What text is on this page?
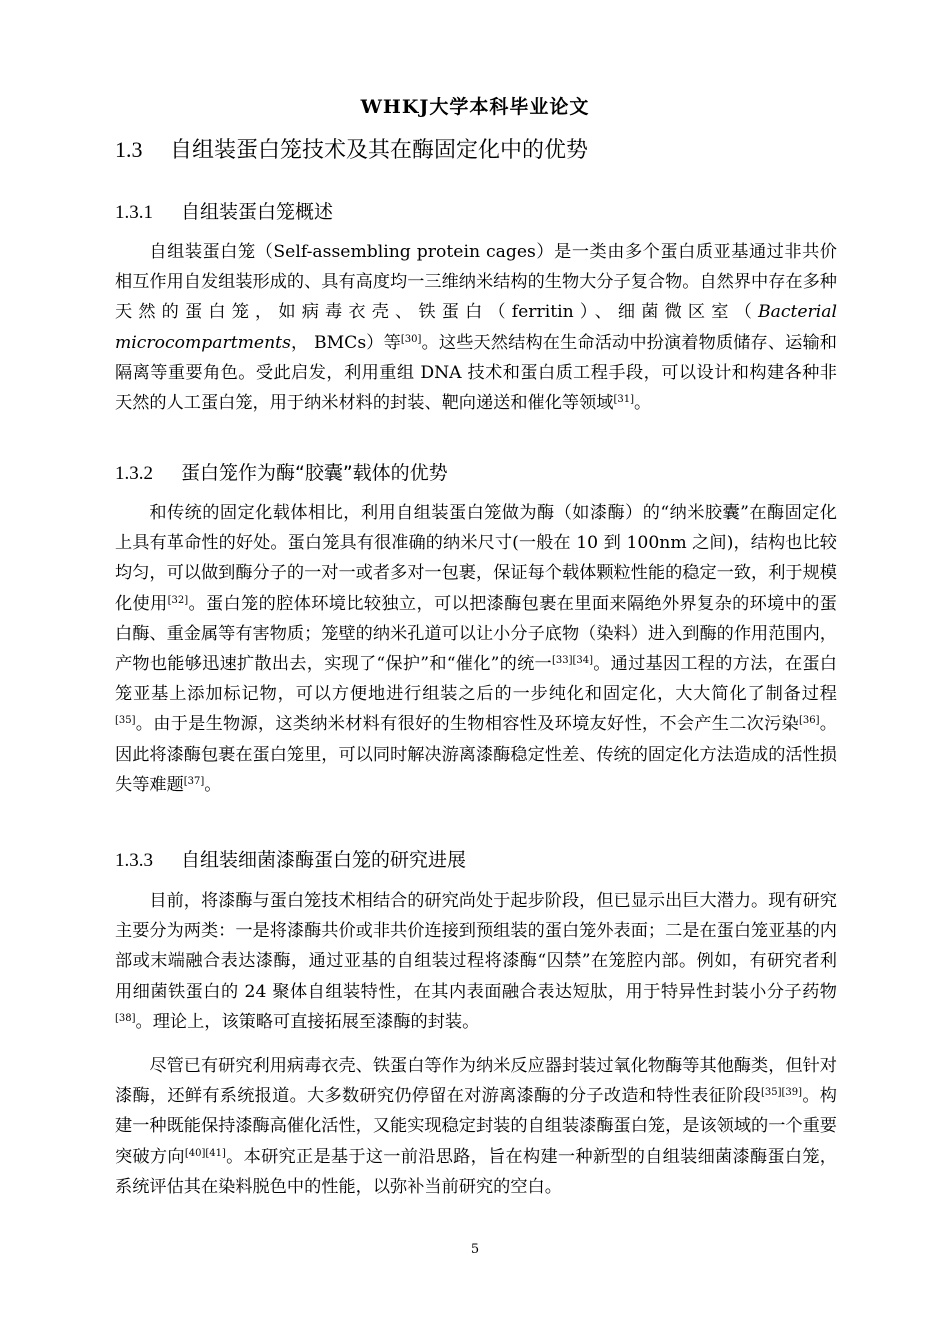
WHKJ大学本科毕业论文
1.3 自组装蛋白笼技术及其在酶固定化中的优势
1.3.1 自组装蛋白笼概述

自组装蛋白笼（Self-assembling protein cages）是一类由多个蛋白质亚基通过非共价相互作用自发组装形成的、具有高度均一三维纳米结构的生物大分子复合物。自然界中存在多种天然的蛋白笼，如病毒衣壳、铁蛋白（ferritin）、细菌微区室（Bacterial microcompartments， BMCs）等[30]。这些天然结构在生命活动中扮演着物质储存、运输和隔离等重要角色。受此启发，利用重组 DNA 技术和蛋白质工程手段，可以设计和构建各种非天然的人工蛋白笼，用于纳米材料的封装、靶向递送和催化等领域[31]。

1.3.2 蛋白笼作为酶“胶囊”载体的优势

和传统的固定化载体相比，利用自组装蛋白笼做为酶（如漆酶）的“纳米胶囊”在酶固定化上具有革命性的好处。蛋白笼具有很准确的纳米尺寸(一般在 10 到 100nm 之间)，结构也比较均匀，可以做到酶分子的一对一或者多对一包裹，保证每个载体颗粒性能的稳定一致，利于规模化使用[32]。蛋白笼的腔体环境比较独立，可以把漆酶包裹在里面来隔绝外界复杂的环境中的蛋白酶、重金属等有害物质；笼壁的纳米孔道可以让小分子底物（染料）进入到酶的作用范围内，产物也能够迅速扩散出去，实现了“保护”和“催化”的统一[33][34]。通过基因工程的方法，在蛋白笼亚基上添加标记物，可以方便地进行组装之后的一步纯化和固定化，大大简化了制备过程[35]。由于是生物源，这类纳米材料有很好的生物相容性及环境友好性，不会产生二次污染[36]。因此将漆酶包裹在蛋白笼里，可以同时解决游离漆酶稳定性差、传统的固定化方法造成的活性损失等难题[37]。

1.3.3 自组装细菌漆酶蛋白笼的研究进展

目前，将漆酶与蛋白笼技术相结合的研究尚处于起步阶段，但已显示出巨大潜力。现有研究主要分为两类：一是将漆酶共价或非共价连接到预组装的蛋白笼外表面；二是在蛋白笼亚基的内部或末端融合表达漆酶，通过亚基的自组装过程将漆酶“囚禁”在笼腔内部。例如，有研究者利用细菌铁蛋白的 24 聚体自组装特性，在其内表面融合表达短肽，用于特异性封装小分子药物[38]。理论上，该策略可直接拓展至漆酶的封装。

尽管已有研究利用病毒衣壳、铁蛋白等作为纳米反应器封装过氧化物酶等其他酶类，但针对漆酶，还鲜有系统报道。大多数研究仍停留在对游离漆酶的分子改造和特性表征阶段[35][39]。构建一种既能保持漆酶高催化活性，又能实现稳定封装的自组装漆酶蛋白笼，是该领域的一个重要突破方向[40][41]。本研究正是基于这一前沿思路，旨在构建一种新型的自组装细菌漆酶蛋白笼，系统评估其在染料脱色中的性能，以弥补当前研究的空白。

5
